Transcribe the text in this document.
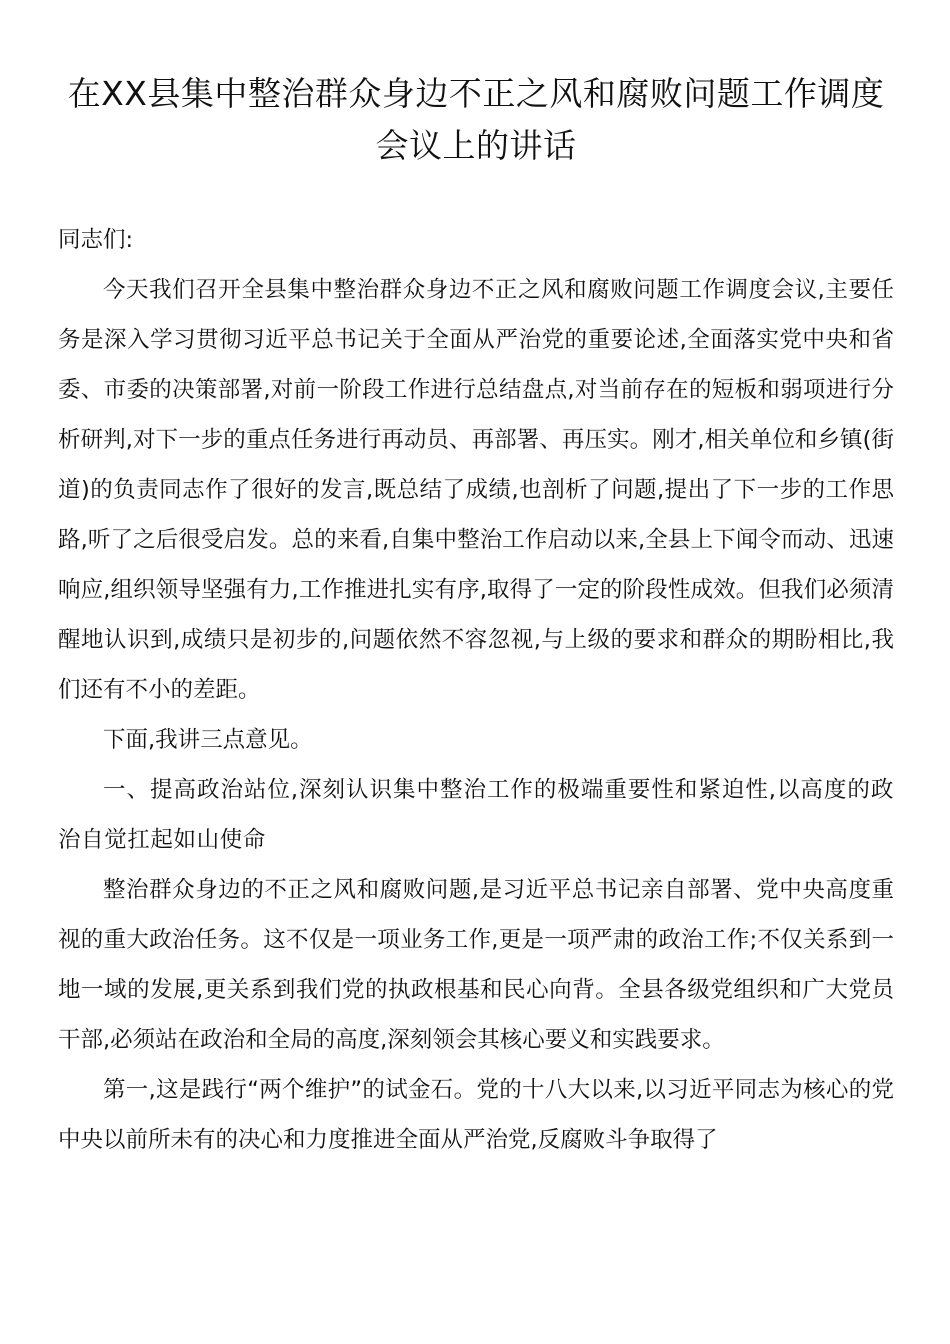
在XX县集中整治群众身边不正之风和腐败问题工作调度会议上的讲话

同志们:

今天我们召开全县集中整治群众身边不正之风和腐败问题工作调度会议,主要任务是深入学习贯彻习近平总书记关于全面从严治党的重要论述,全面落实党中央和省委、市委的决策部署,对前一阶段工作进行总结盘点,对当前存在的短板和弱项进行分析研判,对下一步的重点任务进行再动员、再部署、再压实。刚才,相关单位和乡镇(街道)的负责同志作了很好的发言,既总结了成绩,也剖析了问题,提出了下一步的工作思路,听了之后很受启发。总的来看,自集中整治工作启动以来,全县上下闻令而动、迅速响应,组织领导坚强有力,工作推进扎实有序,取得了一定的阶段性成效。但我们必须清醒地认识到,成绩只是初步的,问题依然不容忽视,与上级的要求和群众的期盼相比,我们还有不小的差距。

下面,我讲三点意见。

一、提高政治站位,深刻认识集中整治工作的极端重要性和紧迫性,以高度的政治自觉扛起如山使命

整治群众身边的不正之风和腐败问题,是习近平总书记亲自部署、党中央高度重视的重大政治任务。这不仅是一项业务工作,更是一项严肃的政治工作;不仅关系到一地一域的发展,更关系到我们党的执政根基和民心向背。全县各级党组织和广大党员干部,必须站在政治和全局的高度,深刻领会其核心要义和实践要求。

第一,这是践行“两个维护”的试金石。党的十八大以来,以习近平同志为核心的党中央以前所未有的决心和力度推进全面从严治党,反腐败斗争取得了
